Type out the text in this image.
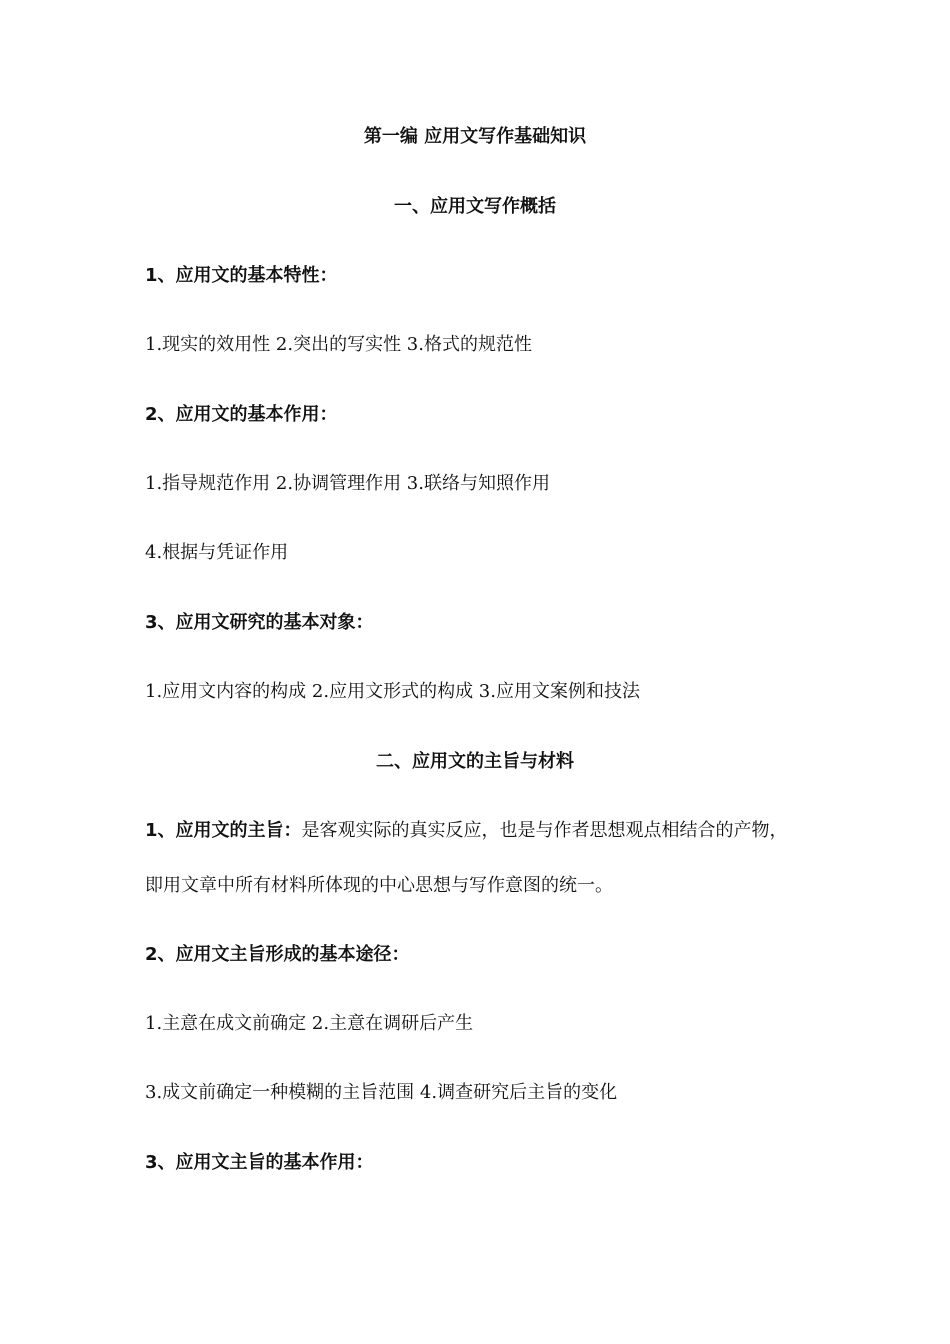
第一编 应用文写作基础知识
一、应用文写作概括
1、应用文的基本特性：
1.现实的效用性 2.突出的写实性 3.格式的规范性
2、应用文的基本作用：
1.指导规范作用 2.协调管理作用 3.联络与知照作用
4.根据与凭证作用
3、应用文研究的基本对象：
1.应用文内容的构成 2.应用文形式的构成 3.应用文案例和技法
二、应用文的主旨与材料
1、应用文的主旨：是客观实际的真实反应，也是与作者思想观点相结合的产物，
即用文章中所有材料所体现的中心思想与写作意图的统一。
2、应用文主旨形成的基本途径：
1.主意在成文前确定 2.主意在调研后产生
3.成文前确定一种模糊的主旨范围 4.调查研究后主旨的变化
3、应用文主旨的基本作用：
